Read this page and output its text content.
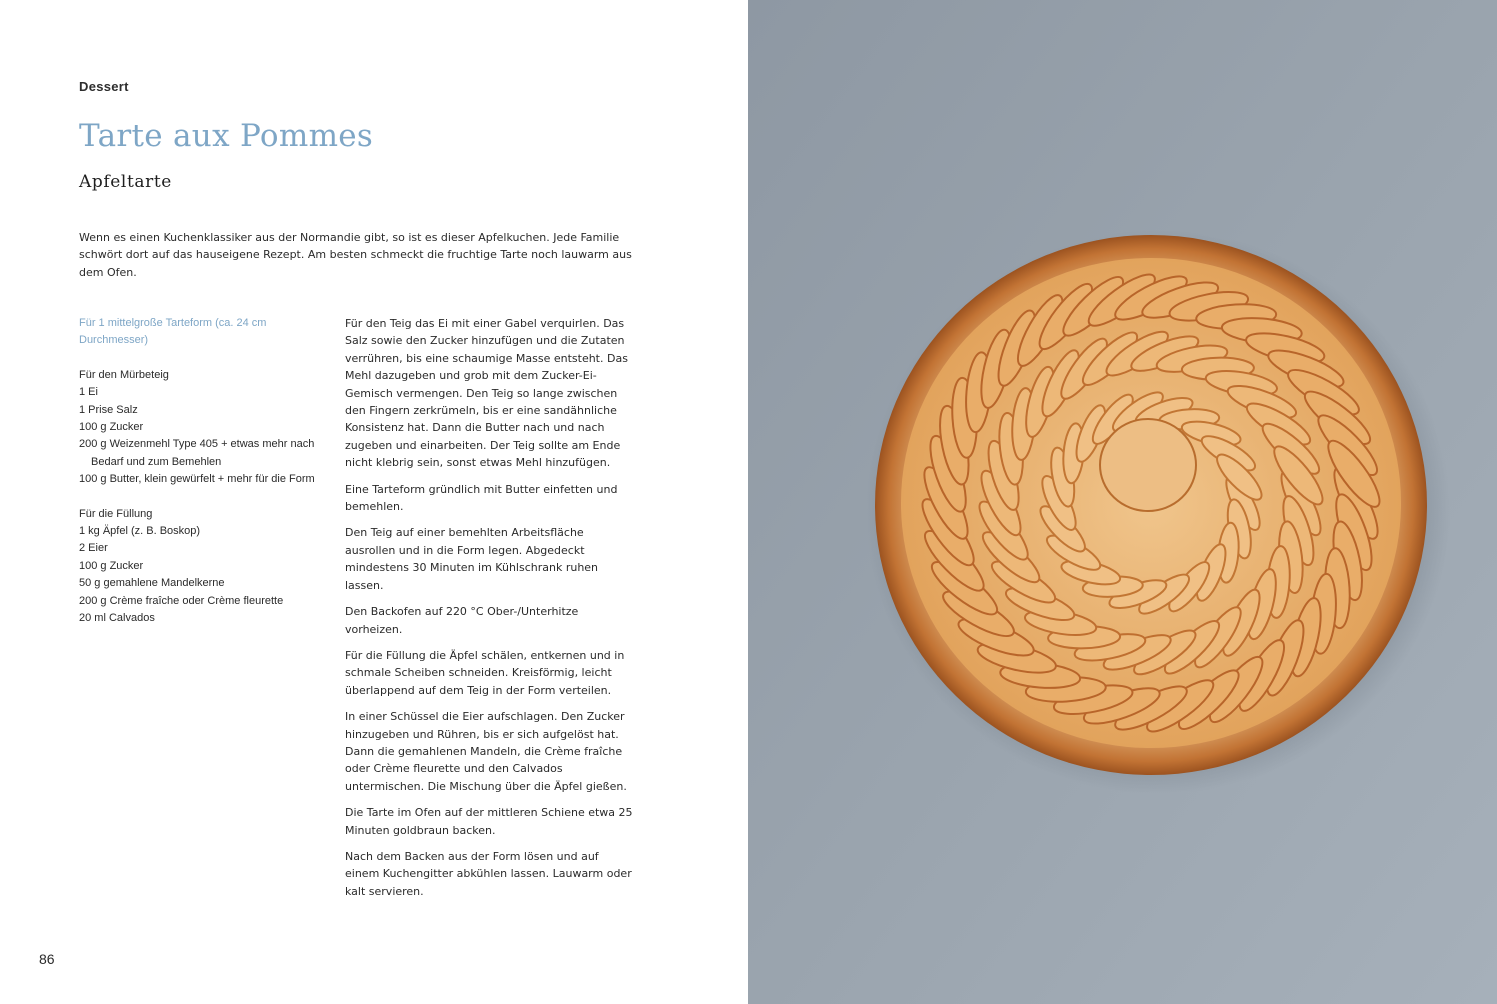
Dessert
Tarte aux Pommes
Apfeltarte

Wenn es einen Kuchenklassiker aus der Normandie gibt, so ist es dieser Apfelkuchen. Jede Familie schwört dort auf das hauseigene Rezept. Am besten schmeckt die fruchtige Tarte noch lauwarm aus dem Ofen.

Für 1 mittelgroße Tarteform (ca. 24 cm Durchmesser)

Für den Mürbeteig

1 Ei

1 Prise Salz

100 g Zucker

200 g Weizenmehl Type 405 + etwas mehr nach Bedarf und zum Bemehlen

100 g Butter, klein gewürfelt + mehr für die Form

Für die Füllung

1 kg Äpfel (z. B. Boskop)

2 Eier

100 g Zucker

50 g gemahlene Mandelkerne

200 g Crème fraîche oder Crème fleurette

20 ml Calvados

Für den Teig das Ei mit einer Gabel verquirlen. Das Salz sowie den Zucker hinzufügen und die Zutaten verrühren, bis eine schaumige Masse entsteht. Das Mehl dazugeben und grob mit dem Zucker-Ei-Gemisch vermengen. Den Teig so lange zwischen den Fingern zerkrümeln, bis er eine sandähnliche Konsistenz hat. Dann die Butter nach und nach zugeben und einarbeiten. Der Teig sollte am Ende nicht klebrig sein, sonst etwas Mehl hinzufügen.

Eine Tarteform gründlich mit Butter einfetten und bemehlen.

Den Teig auf einer bemehlten Arbeitsfläche ausrollen und in die Form legen. Abgedeckt mindestens 30 Minuten im Kühlschrank ruhen lassen.

Den Backofen auf 220 °C Ober-/Unterhitze vorheizen.

Für die Füllung die Äpfel schälen, entkernen und in schmale Scheiben schneiden. Kreisförmig, leicht überlappend auf dem Teig in der Form verteilen.

In einer Schüssel die Eier aufschlagen. Den Zucker hinzugeben und Rühren, bis er sich aufgelöst hat. Dann die gemahlenen Mandeln, die Crème fraîche oder Crème fleurette und den Calvados untermischen. Die Mischung über die Äpfel gießen.

Die Tarte im Ofen auf der mittleren Schiene etwa 25 Minuten goldbraun backen.

Nach dem Backen aus der Form lösen und auf einem Kuchengitter abkühlen lassen. Lauwarm oder kalt servieren.

86
